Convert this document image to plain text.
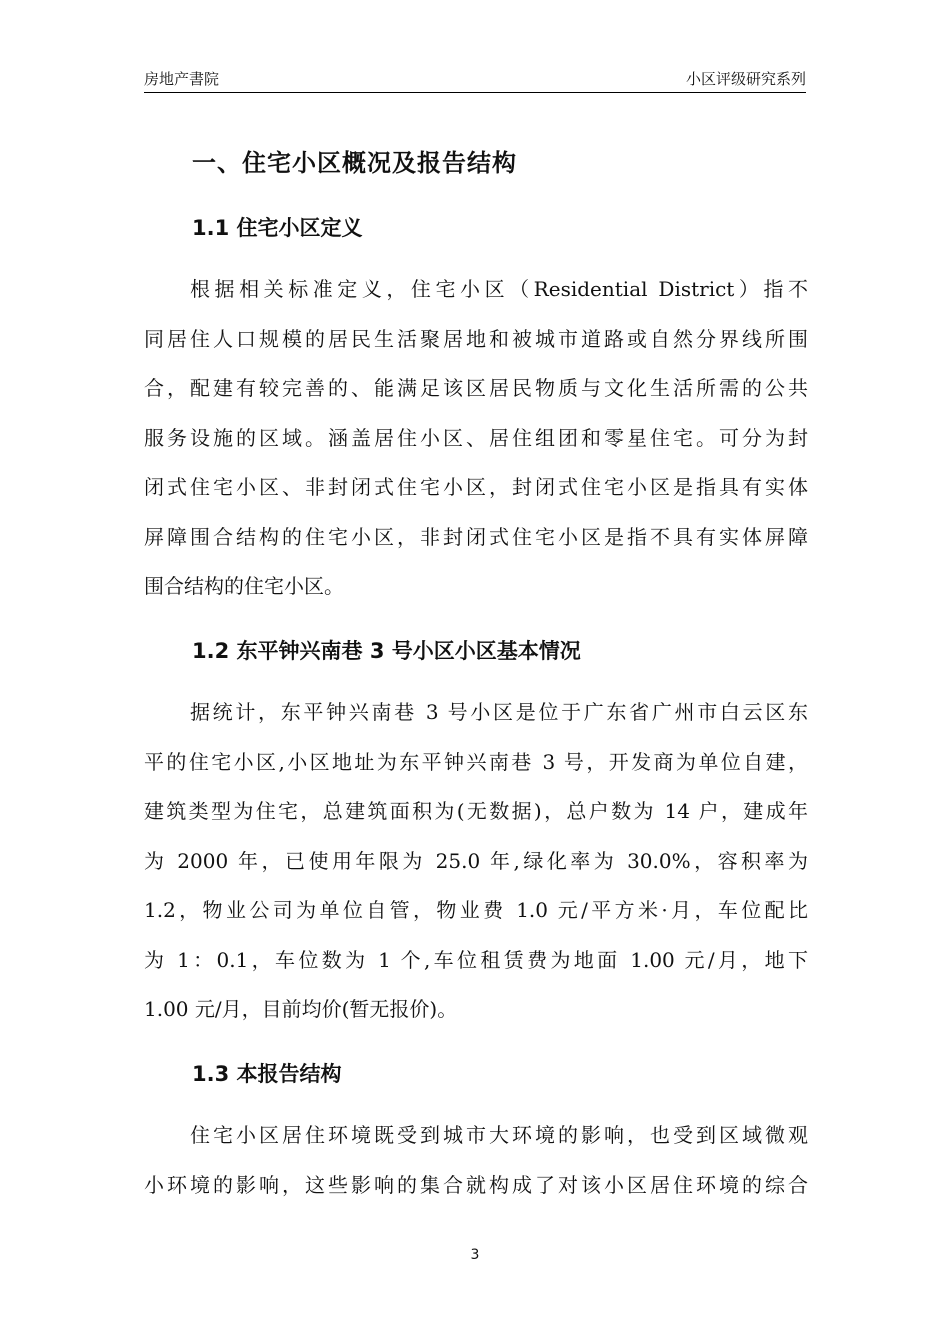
房地产書院	小区评级研究系列
一、住宅小区概况及报告结构
1.1 住宅小区定义
根据相关标准定义，住宅小区（Residential District）指不
同居住人口规模的居民生活聚居地和被城市道路或自然分界线所围
合，配建有较完善的、能满足该区居民物质与文化生活所需的公共
服务设施的区域。涵盖居住小区、居住组团和零星住宅。可分为封
闭式住宅小区、非封闭式住宅小区，封闭式住宅小区是指具有实体
屏障围合结构的住宅小区，非封闭式住宅小区是指不具有实体屏障
围合结构的住宅小区。
1.2 东平钟兴南巷 3 号小区小区基本情况
据统计，东平钟兴南巷 3 号小区是位于广东省广州市白云区东
平的住宅小区,小区地址为东平钟兴南巷 3 号，开发商为单位自建，
建筑类型为住宅，总建筑面积为(无数据)，总户数为 14 户，建成年
为 2000 年，已使用年限为 25.0 年,绿化率为 30.0%，容积率为
1.2，物业公司为单位自管，物业费 1.0 元/平方米·月，车位配比
为 1：0.1，车位数为 1 个,车位租赁费为地面 1.00 元/月，地下
1.00 元/月，目前均价(暂无报价)。
1.3 本报告结构
住宅小区居住环境既受到城市大环境的影响，也受到区域微观
小环境的影响，这些影响的集合就构成了对该小区居住环境的综合
3
